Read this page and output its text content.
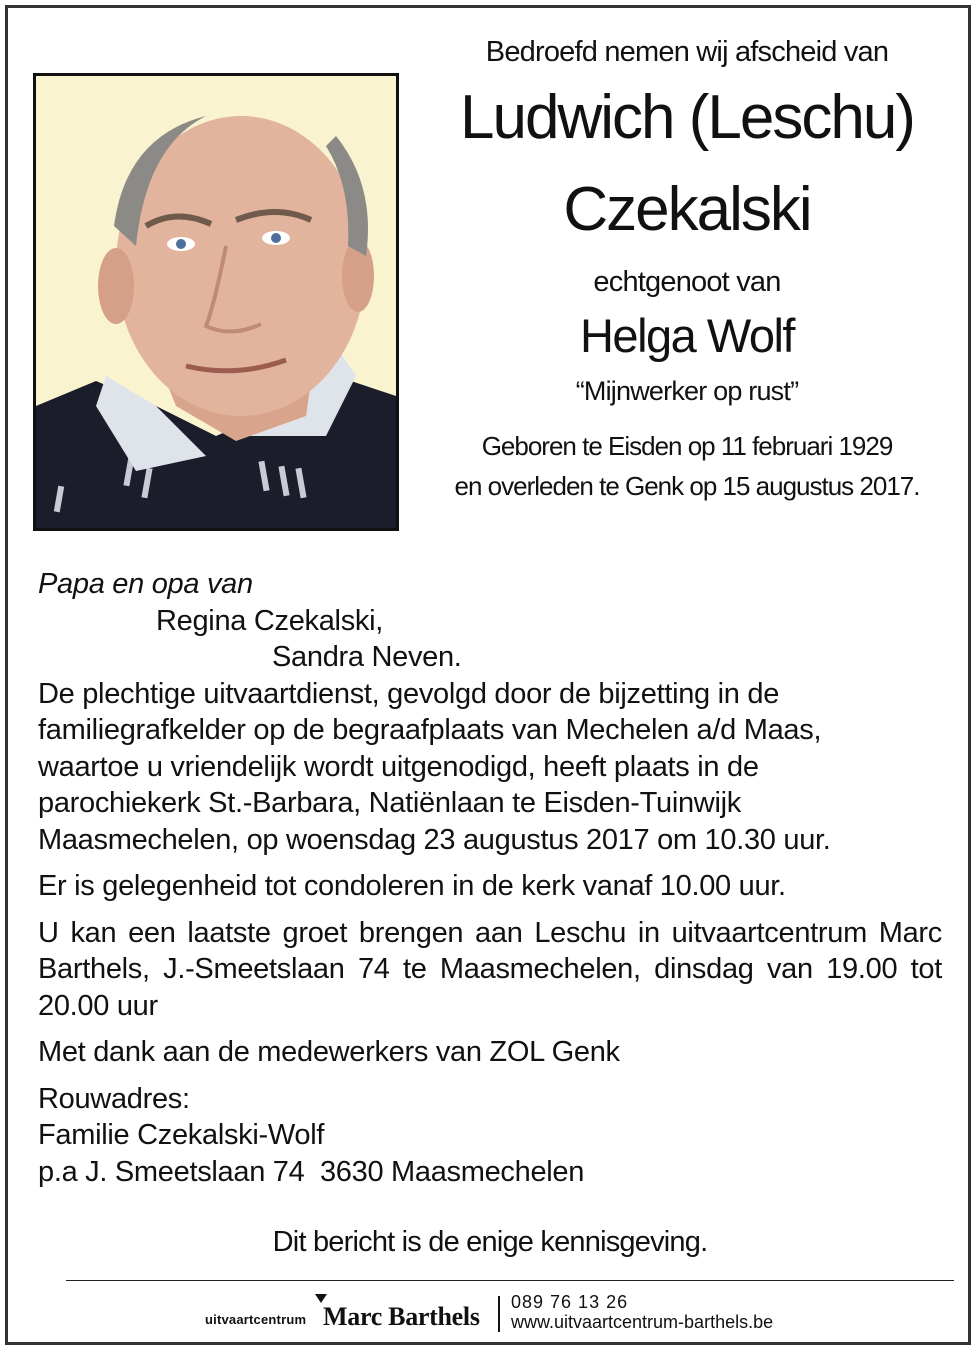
Bedroefd nemen wij afscheid van
Ludwich (Leschu)
Czekalski
echtgenoot van
Helga Wolf
“Mijnwerker op rust”
Geboren te Eisden op 11 februari 1929
en overleden te Genk op 15 augustus 2017.

Papa en opa van

Regina Czekalski,

Sandra Neven.

De plechtige uitvaartdienst, gevolgd door de bijzetting in de

familiegrafkelder op de begraafplaats van Mechelen a/d Maas,

waartoe u vriendelijk wordt uitgenodigd, heeft plaats in de

parochiekerk St.-Barbara, Natiënlaan te Eisden-Tuinwijk

Maasmechelen, op woensdag 23 augustus 2017 om 10.30 uur.

Er is gelegenheid tot condoleren in de kerk vanaf 10.00 uur.

U kan een laatste groet brengen aan Leschu in uitvaartcentrum Marc Barthels, J.-Smeetslaan 74 te Maasmechelen, dinsdag van 19.00 tot 20.00 uur

Met dank aan de medewerkers van ZOL Genk

Rouwadres:

Familie Czekalski-Wolf

p.a J. Smeetslaan 74  3630 Maasmechelen

Dit bericht is de enige kennisgeving.
uitvaartcentrum Marc Barthels 089 76 13 26
www.uitvaartcentrum-barthels.be
